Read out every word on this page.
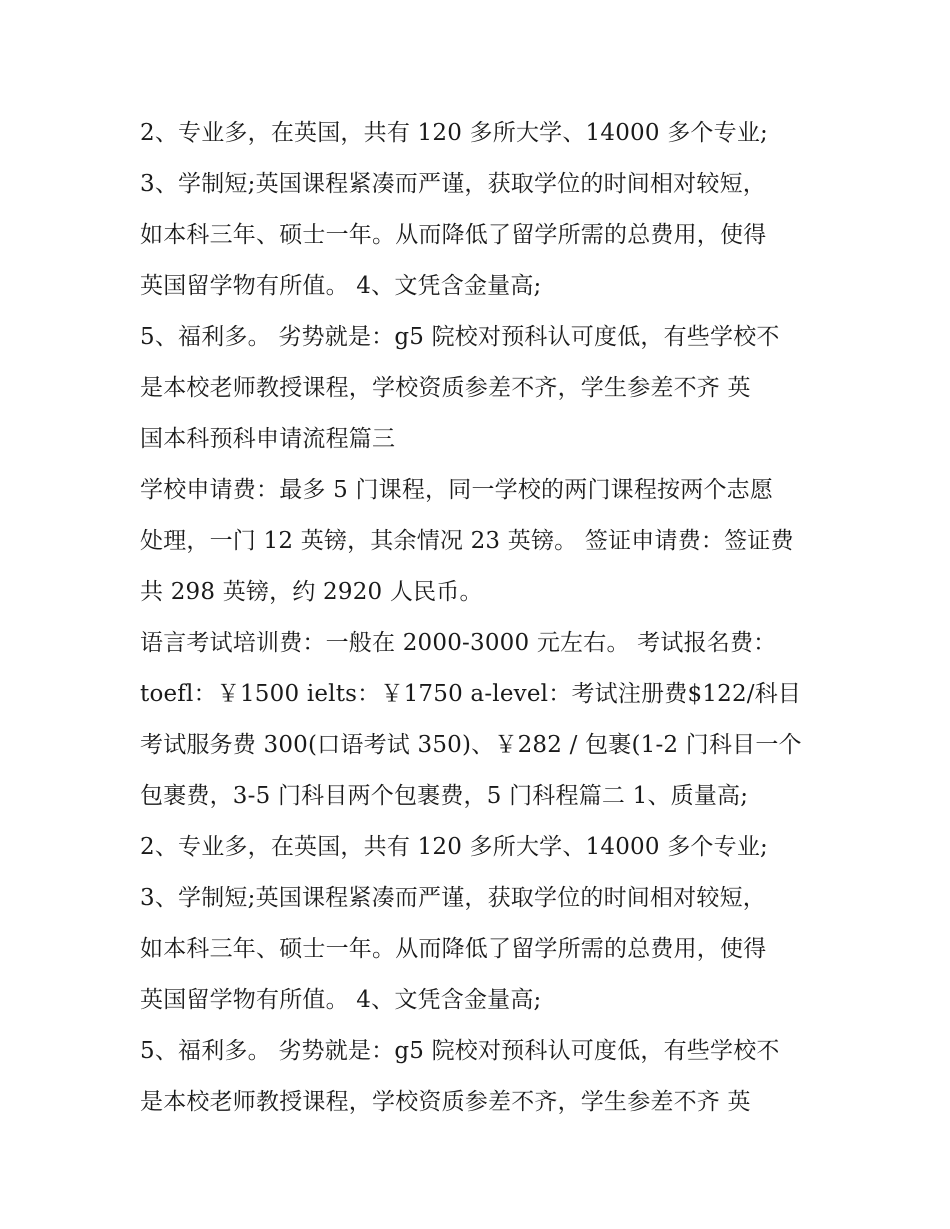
2、专业多，在英国，共有 120 多所大学、14000 多个专业;
3、学制短;英国课程紧凑而严谨，获取学位的时间相对较短，
如本科三年、硕士一年。从而降低了留学所需的总费用，使得
英国留学物有所值。 4、文凭含金量高;
5、福利多。 劣势就是：g5 院校对预科认可度低，有些学校不
是本校老师教授课程，学校资质参差不齐，学生参差不齐 英
国本科预科申请流程篇三
学校申请费：最多 5 门课程，同一学校的两门课程按两个志愿
处理，一门 12 英镑，其余情况 23 英镑。 签证申请费：签证费
共 298 英镑，约 2920 人民币。
语言考试培训费：一般在 2000-3000 元左右。 考试报名费：
toefl：￥1500 ielts：￥1750 a-level：考试注册费$122/科目
考试服务费 300(口语考试 350)、￥282 / 包裹(1-2 门科目一个
包裹费，3-5 门科目两个包裹费，5 门科程篇二 1、质量高;
2、专业多，在英国，共有 120 多所大学、14000 多个专业;
3、学制短;英国课程紧凑而严谨，获取学位的时间相对较短，
如本科三年、硕士一年。从而降低了留学所需的总费用，使得
英国留学物有所值。 4、文凭含金量高;
5、福利多。 劣势就是：g5 院校对预科认可度低，有些学校不
是本校老师教授课程，学校资质参差不齐，学生参差不齐 英
